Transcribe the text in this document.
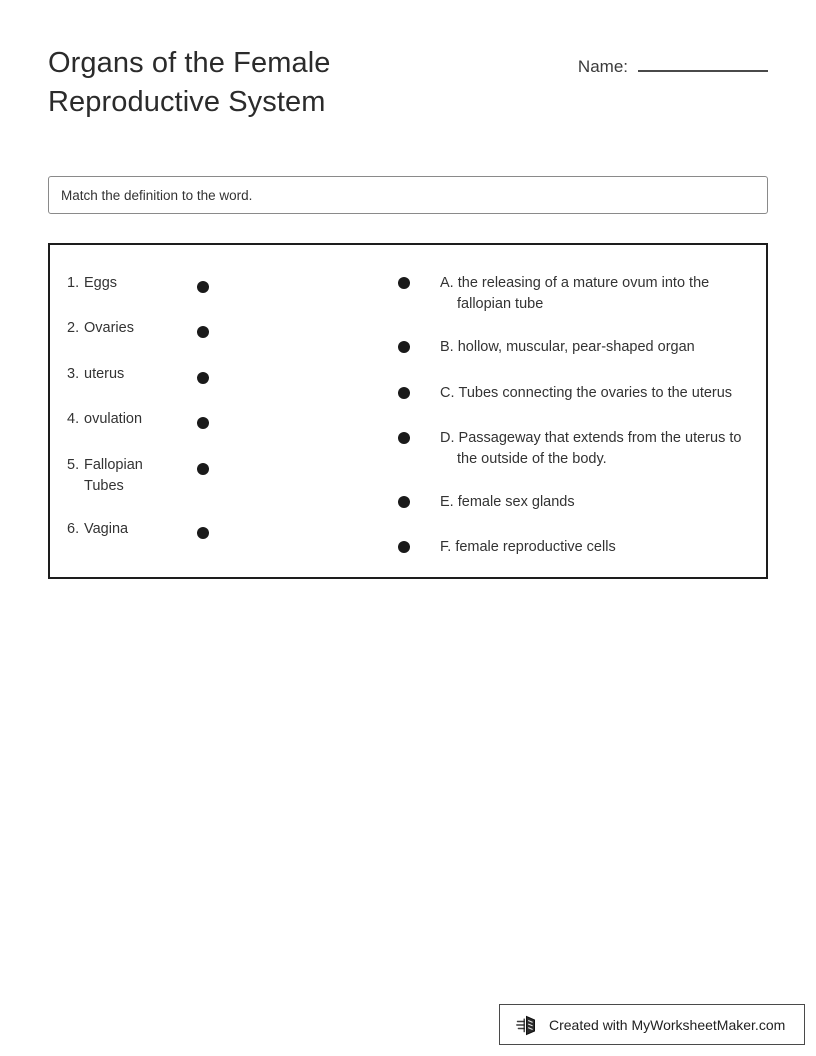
Organs of the Female
Reproductive System
Name:
Match the definition to the word.
1. Eggs
2. Ovaries
3. uterus
4. ovulation
5. Fallopian
Tubes
6. Vagina
A. the releasing of a mature ovum into the fallopian tube
B. hollow, muscular, pear-shaped organ
C. Tubes connecting the ovaries to the uterus
D. Passageway that extends from the uterus to the outside of the body.
E. female sex glands
F. female reproductive cells
Created with MyWorksheetMaker.com
